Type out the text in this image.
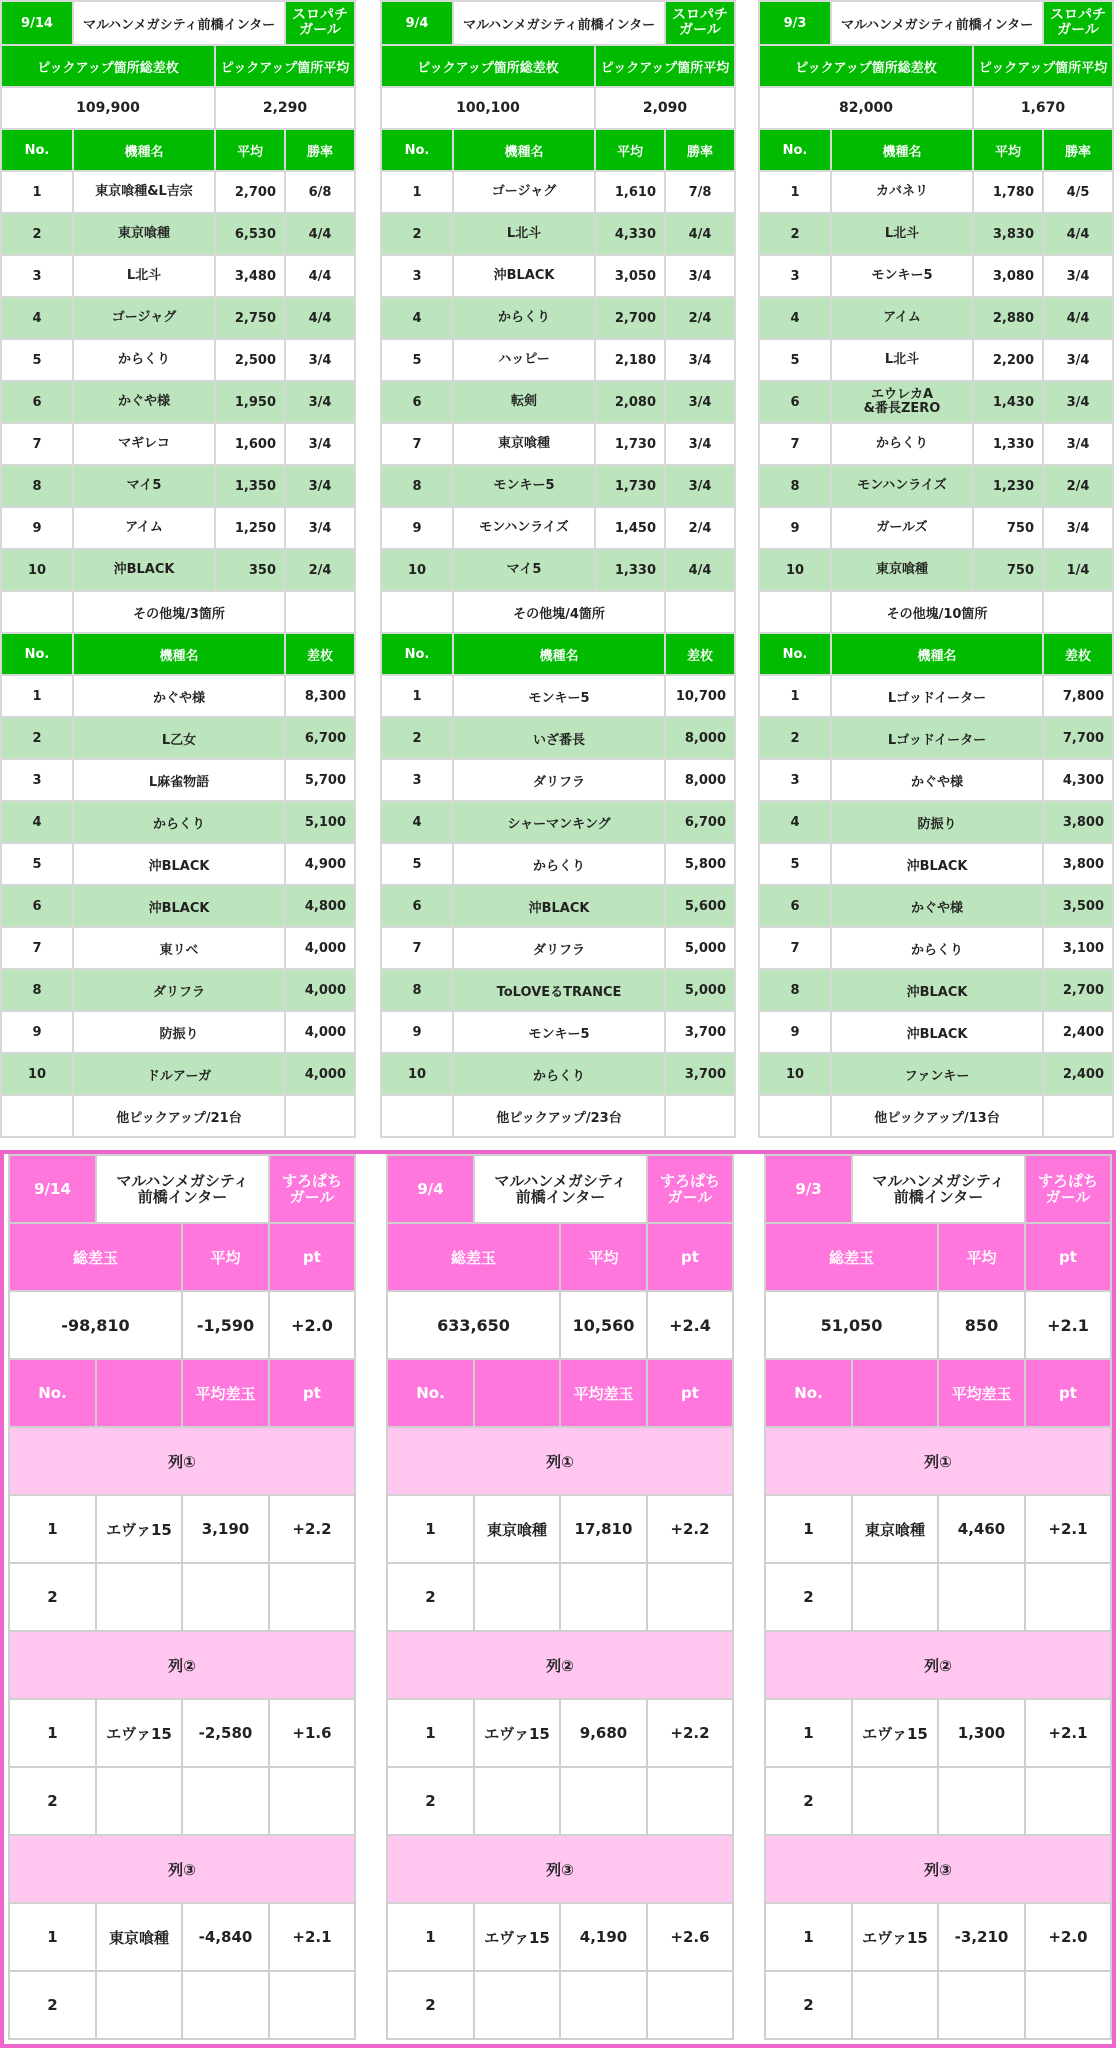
9/14	マルハンメガシティ前橋インター		スロパチ
ガール
ピックアップ箇所総差枚		ピックアップ箇所平均	
109,900		2,290	
No.	機種名	平均	勝率
1	東京喰種&L吉宗	2,700	6/8
2	東京喰種	6,530	4/4
3	L北斗	3,480	4/4
4	ゴージャグ	2,750	4/4
5	からくり	2,500	3/4
6	かぐや様	1,950	3/4
7	マギレコ	1,600	3/4
8	マイ5	1,350	3/4
9	アイム	1,250	3/4
10	沖BLACK	350	2/4
	その他塊/3箇所		
No.	機種名		差枚
1	かぐや様		8,300
2	L乙女		6,700
3	L麻雀物語		5,700
4	からくり		5,100
5	沖BLACK		4,900
6	沖BLACK		4,800
7	東リベ		4,000
8	ダリフラ		4,000
9	防振り		4,000
10	ドルアーガ		4,000
	他ピックアップ/21台		
9/4	マルハンメガシティ前橋インター		スロパチ
ガール
ピックアップ箇所総差枚		ピックアップ箇所平均	
100,100		2,090	
No.	機種名	平均	勝率
1	ゴージャグ	1,610	7/8
2	L北斗	4,330	4/4
3	沖BLACK	3,050	3/4
4	からくり	2,700	2/4
5	ハッピー	2,180	3/4
6	転剣	2,080	3/4
7	東京喰種	1,730	3/4
8	モンキー5	1,730	3/4
9	モンハンライズ	1,450	2/4
10	マイ5	1,330	4/4
	その他塊/4箇所		
No.	機種名		差枚
1	モンキー5		10,700
2	いざ番長		8,000
3	ダリフラ		8,000
4	シャーマンキング		6,700
5	からくり		5,800
6	沖BLACK		5,600
7	ダリフラ		5,000
8	ToLOVEるTRANCE		5,000
9	モンキー5		3,700
10	からくり		3,700
	他ピックアップ/23台		
9/3	マルハンメガシティ前橋インター		スロパチ
ガール
ピックアップ箇所総差枚		ピックアップ箇所平均	
82,000		1,670	
No.	機種名	平均	勝率
1	カバネリ	1,780	4/5
2	L北斗	3,830	4/4
3	モンキー5	3,080	3/4
4	アイム	2,880	4/4
5	L北斗	2,200	3/4
6	エウレカA
&番長ZERO	1,430	3/4
7	からくり	1,330	3/4
8	モンハンライズ	1,230	2/4
9	ガールズ	750	3/4
10	東京喰種	750	1/4
	その他塊/10箇所		
No.	機種名		差枚
1	Lゴッドイーター		7,800
2	Lゴッドイーター		7,700
3	かぐや様		4,300
4	防振り		3,800
5	沖BLACK		3,800
6	かぐや様		3,500
7	からくり		3,100
8	沖BLACK		2,700
9	沖BLACK		2,400
10	ファンキー		2,400
	他ピックアップ/13台		
9/14	マルハンメガシティ
前橋インター		すろぱち
ガール
総差玉		平均	pt
-98,810		-1,590	+2.0
No.		平均差玉	pt
列①			
1	エヴァ15	3,190	+2.2
2			
列②			
1	エヴァ15	-2,580	+1.6
2			
列③			
1	東京喰種	-4,840	+2.1
2			
9/4	マルハンメガシティ
前橋インター		すろぱち
ガール
総差玉		平均	pt
633,650		10,560	+2.4
No.		平均差玉	pt
列①			
1	東京喰種	17,810	+2.2
2			
列②			
1	エヴァ15	9,680	+2.2
2			
列③			
1	エヴァ15	4,190	+2.6
2			
9/3	マルハンメガシティ
前橋インター		すろぱち
ガール
総差玉		平均	pt
51,050		850	+2.1
No.		平均差玉	pt
列①			
1	東京喰種	4,460	+2.1
2			
列②			
1	エヴァ15	1,300	+2.1
2			
列③			
1	エヴァ15	-3,210	+2.0
2			
